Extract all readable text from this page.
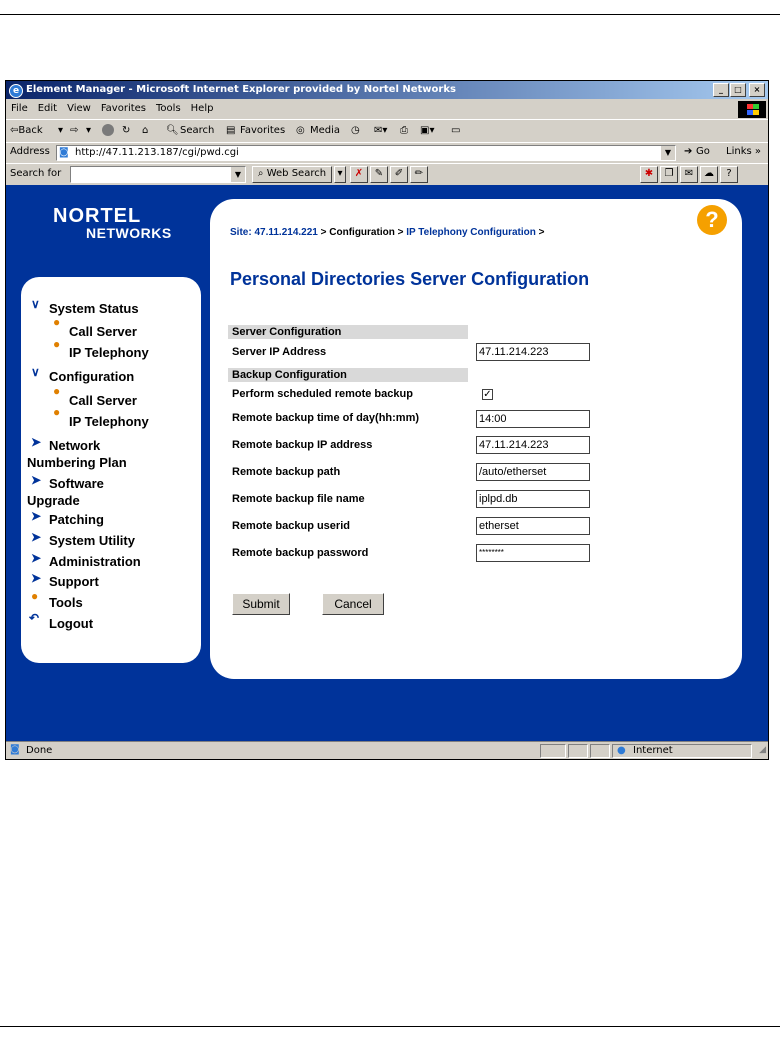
e Element Manager - Microsoft Internet Explorer provided by Nortel Networks	_ □ ×
File Edit View Favorites Tools Help
⇦Back ▾ ⇨ ▾	↻ ⌂ 🔍︎ Search ▤ Favorites ◎ Media ◷ ✉▾ ⎙ ▣▾ ▭
Address ◙ http://47.11.213.187/cgi/pwd.cgi	▼	➔ Go Links »
Search for	▼	⌕ Web Search	▾	✗	✎	✐	✏	✱	❐	✉	☁	?
NORTEL
NETWORKS
∨ System Status
●
Call Server
●
IP Telephony
∨ Configuration
●
Call Server
●
IP Telephony
➤ Network
Numbering Plan
➤ Software
Upgrade
➤ Patching
➤ System Utility
➤ Administration
➤ Support
● Tools
↶ Logout
?
Site: 47.11.214.221 > Configuration > IP Telephony Configuration >
Personal Directories Server Configuration
Server Configuration
Server IP Address	47.11.214.223
Backup Configuration
Perform scheduled remote backup	✓
Remote backup time of day(hh:mm)	14:00
Remote backup IP address	47.11.214.223
Remote backup path	/auto/etherset
Remote backup file name	iplpd.db
Remote backup userid	etherset
Remote backup password	********
Submit	Cancel
◙ Done	● Internet	◢
